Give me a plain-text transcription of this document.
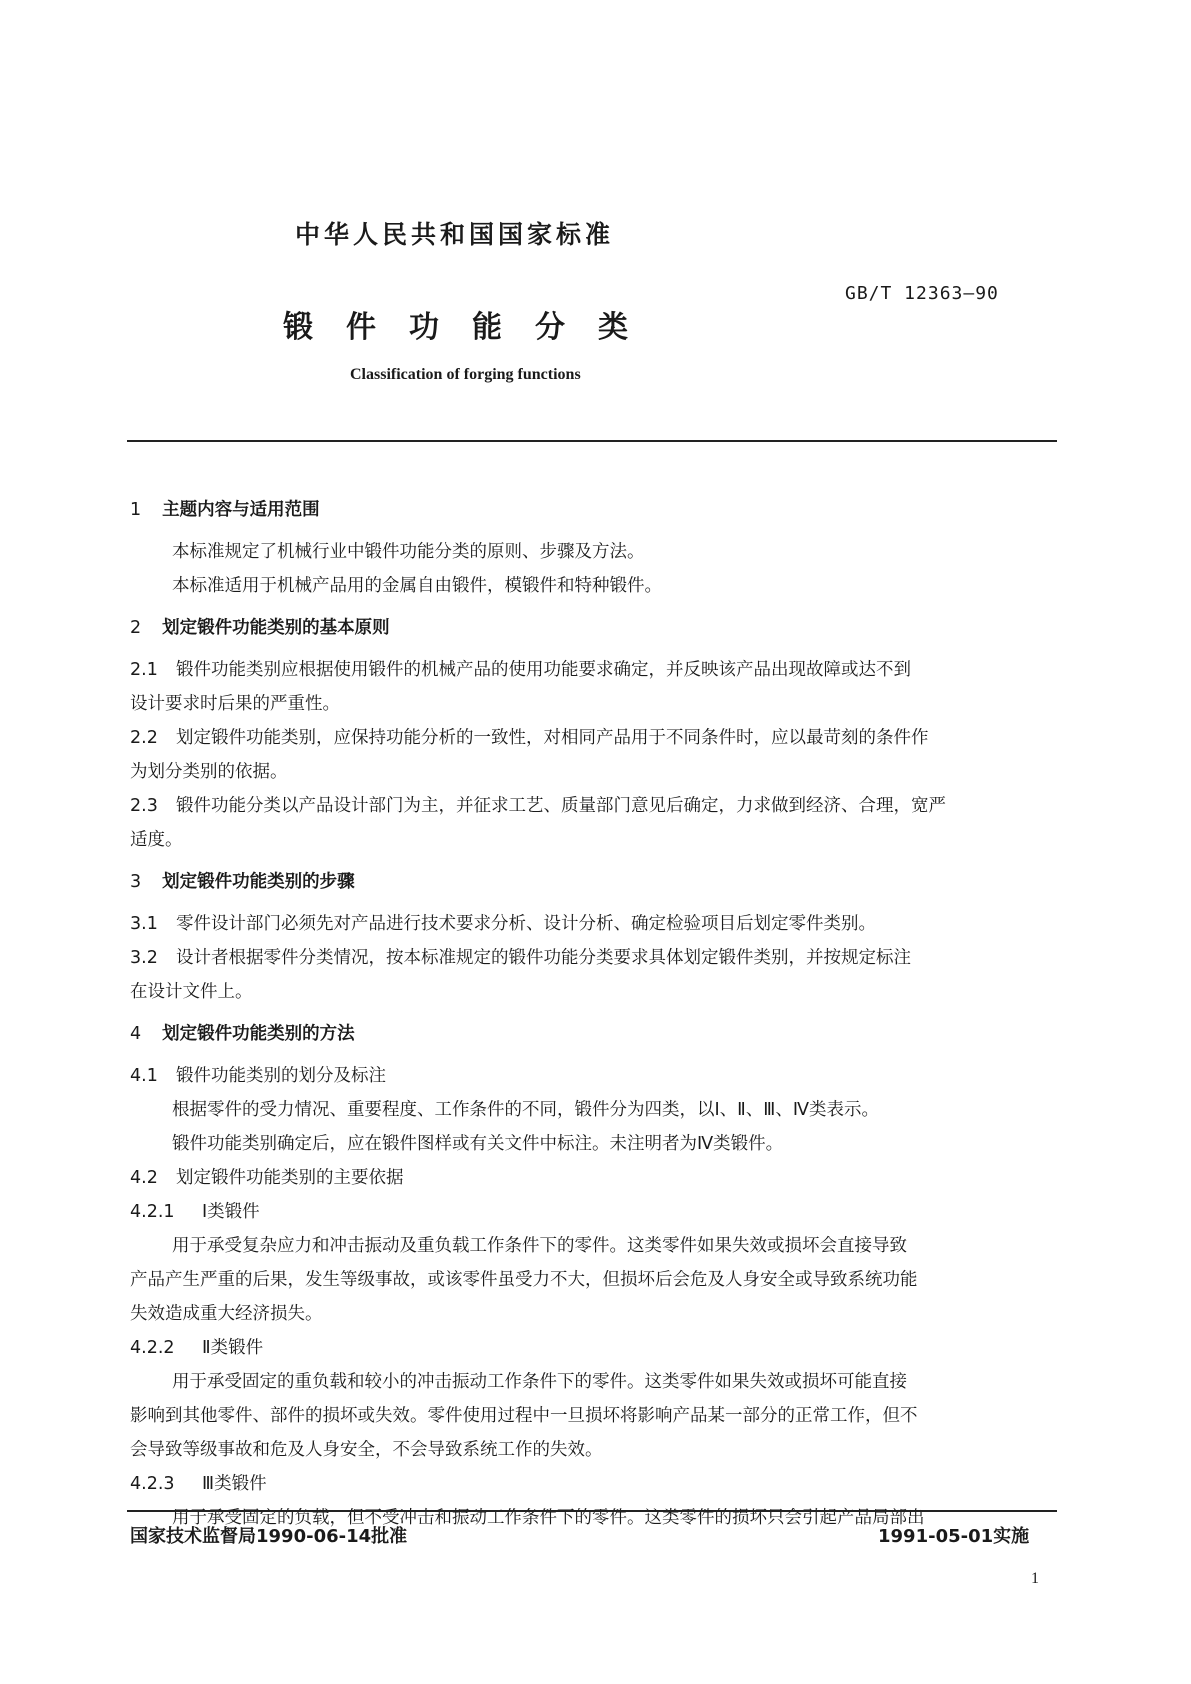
中华人民共和国国家标准
GB/T 12363—90
锻件功能分类
Classification of forging functions
1 主题内容与适用范围
本标准规定了机械行业中锻件功能分类的原则、步骤及方法。
本标准适用于机械产品用的金属自由锻件，模锻件和特种锻件。
2 划定锻件功能类别的基本原则
2.1 锻件功能类别应根据使用锻件的机械产品的使用功能要求确定，并反映该产品出现故障或达不到
设计要求时后果的严重性。
2.2 划定锻件功能类别，应保持功能分析的一致性，对相同产品用于不同条件时，应以最苛刻的条件作
为划分类别的依据。
2.3 锻件功能分类以产品设计部门为主，并征求工艺、质量部门意见后确定，力求做到经济、合理，宽严
适度。
3 划定锻件功能类别的步骤
3.1 零件设计部门必须先对产品进行技术要求分析、设计分析、确定检验项目后划定零件类别。
3.2 设计者根据零件分类情况，按本标准规定的锻件功能分类要求具体划定锻件类别，并按规定标注
在设计文件上。
4 划定锻件功能类别的方法
4.1 锻件功能类别的划分及标注
根据零件的受力情况、重要程度、工作条件的不同，锻件分为四类，以Ⅰ、Ⅱ、Ⅲ、Ⅳ类表示。
锻件功能类别确定后，应在锻件图样或有关文件中标注。未注明者为Ⅳ类锻件。
4.2 划定锻件功能类别的主要依据
4.2.1 Ⅰ类锻件
用于承受复杂应力和冲击振动及重负载工作条件下的零件。这类零件如果失效或损坏会直接导致
产品产生严重的后果，发生等级事故，或该零件虽受力不大，但损坏后会危及人身安全或导致系统功能
失效造成重大经济损失。
4.2.2 Ⅱ类锻件
用于承受固定的重负载和较小的冲击振动工作条件下的零件。这类零件如果失效或损坏可能直接
影响到其他零件、部件的损坏或失效。零件使用过程中一旦损坏将影响产品某一部分的正常工作，但不
会导致等级事故和危及人身安全，不会导致系统工作的失效。
4.2.3 Ⅲ类锻件
用于承受固定的负载，但不受冲击和振动工作条件下的零件。这类零件的损坏只会引起产品局部出
国家技术监督局1990-06-14批准	1991-05-01实施
1
